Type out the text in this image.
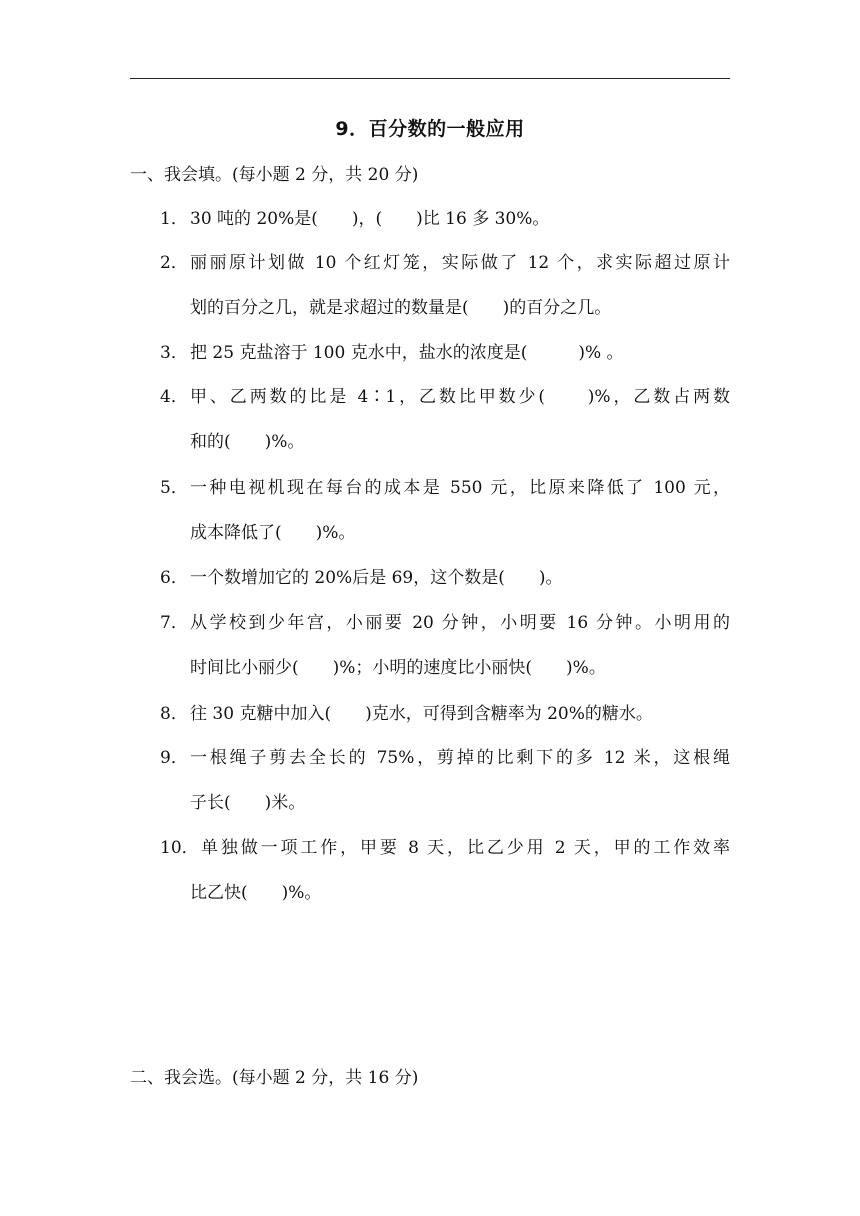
9．百分数的一般应用
一、我会填。(每小题 2 分，共 20 分)
1． 30 吨的 20%是(　　)，(　　)比 16 多 30%。
2． 丽丽原计划做 10 个红灯笼，实际做了 12 个，求实际超过原计
划的百分之几，就是求超过的数量是(　　)的百分之几。
3． 把 25 克盐溶于 100 克水中，盐水的浓度是(　　　)% 。
4． 甲、乙两数的比是 4∶1，乙数比甲数少(　　)%，乙数占两数
和的(　　)%。
5． 一种电视机现在每台的成本是 550 元，比原来降低了 100 元，
成本降低了(　　)%。
6． 一个数增加它的 20%后是 69，这个数是(　　)。
7． 从学校到少年宫，小丽要 20 分钟，小明要 16 分钟。小明用的
时间比小丽少(　　)%；小明的速度比小丽快(　　)%。
8． 往 30 克糖中加入(　　)克水，可得到含糖率为 20%的糖水。
9． 一根绳子剪去全长的 75%，剪掉的比剩下的多 12 米，这根绳
子长(　　)米。
10． 单独做一项工作，甲要 8 天，比乙少用 2 天，甲的工作效率
比乙快(　　)%。
二、我会选。(每小题 2 分，共 16 分)
